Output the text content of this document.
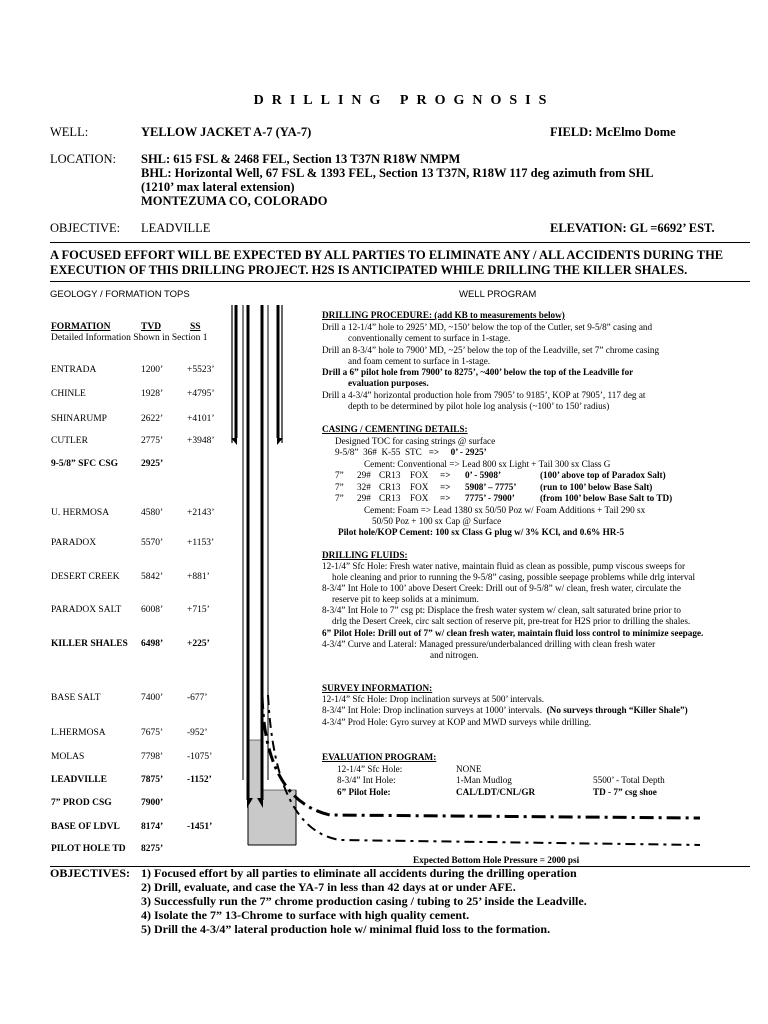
DRILLING PROGNOSIS
WELL:	YELLOW JACKET A-7 (YA-7)	FIELD: McElmo Dome
LOCATION: SHL: 615 FSL & 2468 FEL, Section 13 T37N R18W NMPM
BHL: Horizontal Well, 67 FSL & 1393 FEL, Section 13 T37N, R18W 117 deg azimuth from SHL
(1210’ max lateral extension)
MONTEZUMA CO, COLORADO
OBJECTIVE: LEADVILLE	ELEVATION: GL =6692’ EST.
A FOCUSED EFFORT WILL BE EXPECTED BY ALL PARTIES TO ELIMINATE ANY / ALL ACCIDENTS DURING THE EXECUTION OF THIS DRILLING PROJECT. H2S IS ANTICIPATED WHILE DRILLING THE KILLER SHALES.
GEOLOGY / FORMATION TOPS	WELL PROGRAM
FORMATION	TVD	SS
Detailed Information Shown in Section 1
ENTRADA	1200’	+5523’
CHINLE	1928’	+4795’
SHINARUMP	2622’	+4101’
CUTLER	2775’	+3948’
9-5/8” SFC CSG 2925’
U. HERMOSA	4580’	+2143’
PARADOX	5570’	+1153’
DESERT CREEK 5842’	+881’
PARADOX SALT 6008’	+715’
KILLER SHALES 6498’	+225’
BASE SALT	7400’	-677’
L.HERMOSA	7675’	-952’
MOLAS	7798’	-1075’
LEADVILLE	7875’	-1152’
7” PROD CSG	7900’
BASE OF LDVL 8174’	-1451’
PILOT HOLE TD 8275’
DRILLING PROCEDURE: (add KB to measurements below)
Drill a 12-1/4” hole to 2925’ MD, ~150’ below the top of the Cutler, set 9-5/8” casing and
conventionally cement to surface in 1-stage.
Drill an 8-3/4” hole to 7900’ MD, ~25’ below the top of the Leadville, set 7” chrome casing
and foam cement to surface in 1-stage.
Drill a 6” pilot hole from 7900’ to 8275’, ~400’ below the top of the Leadville for
evaluation purposes.
Drill a 4-3/4” horizontal production hole from 7905’ to 9185’, KOP at 7905’, 117 deg at
depth to be determined by pilot hole log analysis (~100’ to 150’ radius)
CASING / CEMENTING DETAILS:
Designed TOC for casing strings @ surface
9-5/8” 36# K-55 STC => 0’ - 2925’
Cement: Conventional => Lead 800 sx Light + Tail 300 sx Class G
7” 29# CR13 FOX => 0’ - 5908’	(100’ above top of Paradox Salt)
7” 32# CR13 FOX => 5908’ – 7775’	(run to 100’ below Base Salt)
7” 29# CR13 FOX => 7775’ - 7900’	(from 100’ below Base Salt to TD)
Cement: Foam => Lead 1380 sx 50/50 Poz w/ Foam Additions + Tail 290 sx
50/50 Poz + 100 sx Cap @ Surface
Pilot hole/KOP Cement: 100 sx Class G plug w/ 3% KCl, and 0.6% HR-5
DRILLING FLUIDS:
12-1/4” Sfc Hole: Fresh water native, maintain fluid as clean as possible, pump viscous sweeps for
hole cleaning and prior to running the 9-5/8” casing, possible seepage problems while drlg interval
8-3/4” Int Hole to 100’ above Desert Creek: Drill out of 9-5/8” w/ clean, fresh water, circulate the
reserve pit to keep solids at a minimum.
8-3/4” Int Hole to 7” csg pt: Displace the fresh water system w/ clean, salt saturated brine prior to
drlg the Desert Creek, circ salt section of reserve pit, pre-treat for H2S prior to drilling the shales.
6” Pilot Hole: Drill out of 7” w/ clean fresh water, maintain fluid loss control to minimize seepage.
4-3/4” Curve and Lateral: Managed pressure/underbalanced drilling with clean fresh water
and nitrogen.
SURVEY INFORMATION:
12-1/4” Sfc Hole: Drop inclination surveys at 500’ intervals.
8-3/4” Int Hole: Drop inclination surveys at 1000’ intervals. (No surveys through “Killer Shale”)
4-3/4” Prod Hole: Gyro survey at KOP and MWD surveys while drilling.
EVALUATION PROGRAM:
12-1/4” Sfc Hole:	NONE
8-3/4” Int Hole:	1-Man Mudlog	5500’ - Total Depth
6” Pilot Hole:	CAL/LDT/CNL/GR	TD - 7” csg shoe
Expected Bottom Hole Pressure = 2000 psi
OBJECTIVES: 1) Focused effort by all parties to eliminate all accidents during the drilling operation
2) Drill, evaluate, and case the YA-7 in less than 42 days at or under AFE.
3) Successfully run the 7” chrome production casing / tubing to 25’ inside the Leadville.
4) Isolate the 7” 13-Chrome to surface with high quality cement.
5) Drill the 4-3/4” lateral production hole w/ minimal fluid loss to the formation.
